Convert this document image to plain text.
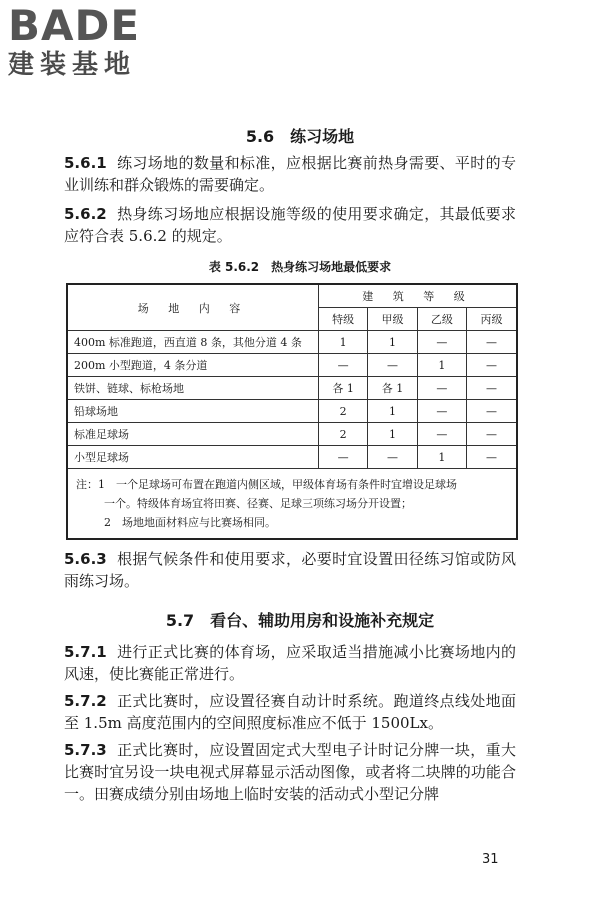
BADE
建装基地
5.6　练习场地
5.6.1 练习场地的数量和标准，应根据比赛前热身需要、平时的专业训练和群众锻炼的需要确定。
5.6.2 热身练习场地应根据设施等级的使用要求确定，其最低要求应符合表 5.6.2 的规定。
表 5.6.2　热身练习场地最低要求
场 地 内 容	建 筑 等 级			
	特级	甲级	乙级	丙级
400m 标准跑道，西直道 8 条，其他分道 4 条	1	1	—	—
200m 小型跑道，4 条分道	—	—	1	—
铁饼、链球、标枪场地	各 1	各 1	—	—
铅球场地	2	1	—	—
标准足球场	2	1	—	—
小型足球场	—	—	1	—

注：1　一个足球场可布置在跑道内侧区域，甲级体育场有条件时宜增设足球场
一个。特级体育场宜将田赛、径赛、足球三项练习场分开设置；
2　场地地面材料应与比赛场相同。				
5.6.3 根据气候条件和使用要求，必要时宜设置田径练习馆或防风雨练习场。
5.7　看台、辅助用房和设施补充规定
5.7.1 进行正式比赛的体育场，应采取适当措施减小比赛场地内的风速，使比赛能正常进行。
5.7.2 正式比赛时，应设置径赛自动计时系统。跑道终点线处地面至 1.5m 高度范围内的空间照度标准应不低于 1500Lx。
5.7.3 正式比赛时，应设置固定式大型电子计时记分牌一块，重大比赛时宜另设一块电视式屏幕显示活动图像，或者将二块牌的功能合一。田赛成绩分别由场地上临时安装的活动式小型记分牌
31
